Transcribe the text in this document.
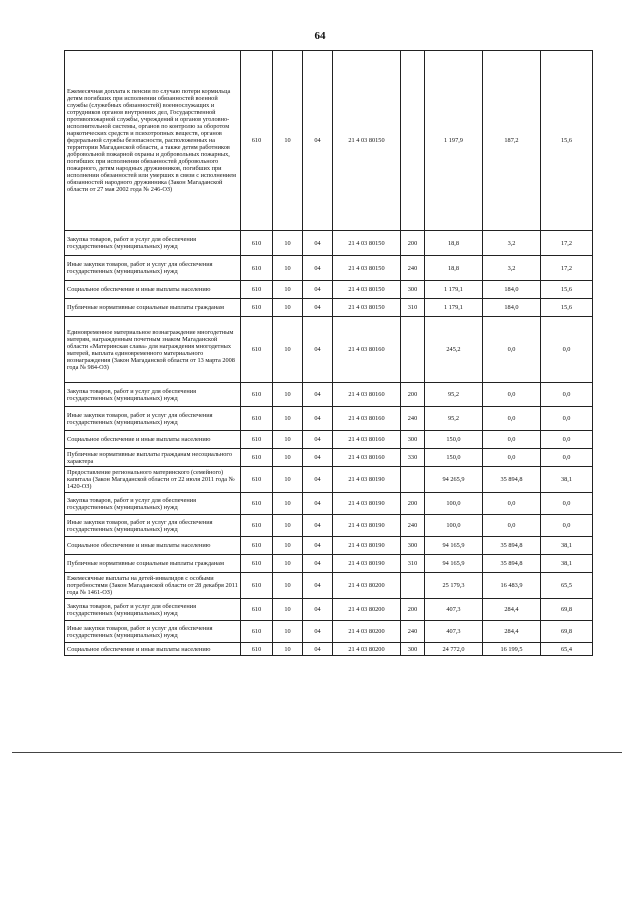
64
Ежемесячная доплата к пенсии по случаю потери кормильца детям погибших при исполнении обязанностей военной службы (служебных обязанностей) военнослужащих и сотрудников органов внутренних дел, Государственной противопожарной службы, учреждений и органов уголовно-исполнительной системы, органов по контролю за оборотом наркотических средств и психотропных веществ, органов федеральной службы безопасности, расположенных на территории Магаданской области, а также детям работников добровольной пожарной охраны и добровольных пожарных, погибших при исполнении обязанностей добровольного пожарного, детям народных дружинников, погибших при исполнении обязанностей или умерших в связи с исполнением обязанностей народного дружинника (Закон Магаданской области от 27 мая 2002 года № 246-ОЗ)	610	10	04	21 4 03 80150		1 197,9	187,2	15,6
Закупка товаров, работ и услуг для обеспечения государственных (муниципальных) нужд	610	10	04	21 4 03 80150	200	18,8	3,2	17,2
Иные закупки товаров, работ и услуг для обеспечения государственных (муниципальных) нужд	610	10	04	21 4 03 80150	240	18,8	3,2	17,2
Социальное обеспечение и иные выплаты населению	610	10	04	21 4 03 80150	300	1 179,1	184,0	15,6
Публичные нормативные социальные выплаты гражданам	610	10	04	21 4 03 80150	310	1 179,1	184,0	15,6
Единовременное материальное вознаграждение многодетным матерям, награжденным почетным знаком Магаданской области «Материнская слава» для награждения многодетных матерей, выплата единовременного материального вознаграждения (Закон Магаданской области от 13 марта 2008 года № 984-ОЗ)	610	10	04	21 4 03 80160		245,2	0,0	0,0
Закупка товаров, работ и услуг для обеспечения государственных (муниципальных) нужд	610	10	04	21 4 03 80160	200	95,2	0,0	0,0
Иные закупки товаров, работ и услуг для обеспечения государственных (муниципальных) нужд	610	10	04	21 4 03 80160	240	95,2	0,0	0,0
Социальное обеспечение и иные выплаты населению	610	10	04	21 4 03 80160	300	150,0	0,0	0,0
Публичные нормативные выплаты гражданам несоциального характера	610	10	04	21 4 03 80160	330	150,0	0,0	0,0
Предоставление регионального материнского (семейного) капитала (Закон Магаданской области от 22 июля 2011 года № 1420-ОЗ)	610	10	04	21 4 03 80190		94 265,9	35 894,8	38,1
Закупка товаров, работ и услуг для обеспечения государственных (муниципальных) нужд	610	10	04	21 4 03 80190	200	100,0	0,0	0,0
Иные закупки товаров, работ и услуг для обеспечения государственных (муниципальных) нужд	610	10	04	21 4 03 80190	240	100,0	0,0	0,0
Социальное обеспечение и иные выплаты населению	610	10	04	21 4 03 80190	300	94 165,9	35 894,8	38,1
Публичные нормативные социальные выплаты гражданам	610	10	04	21 4 03 80190	310	94 165,9	35 894,8	38,1
Ежемесячные выплаты на детей-инвалидов с особыми потребностями (Закон Магаданской области от 28 декабря 2011 года № 1461-ОЗ)	610	10	04	21 4 03 80200		25 179,3	16 483,9	65,5
Закупка товаров, работ и услуг для обеспечения государственных (муниципальных) нужд	610	10	04	21 4 03 80200	200	407,3	284,4	69,8
Иные закупки товаров, работ и услуг для обеспечения государственных (муниципальных) нужд	610	10	04	21 4 03 80200	240	407,3	284,4	69,8
Социальное обеспечение и иные выплаты населению	610	10	04	21 4 03 80200	300	24 772,0	16 199,5	65,4
